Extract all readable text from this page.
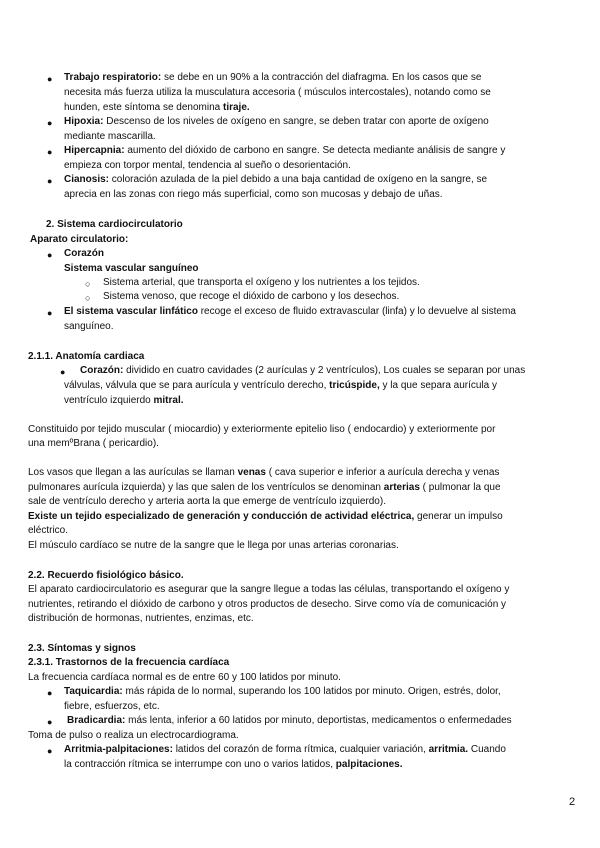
● Trabajo respiratorio: se debe en un 90% a la contracción del diafragma. En los casos que se
necesita más fuerza utiliza la musculatura accesoria ( músculos intercostales), notando como se
hunden, este síntoma se denomina tiraje.
● Hipoxia: Descenso de los niveles de oxígeno en sangre, se deben tratar con aporte de oxígeno
mediante mascarilla.
● Hipercapnia: aumento del dióxido de carbono en sangre. Se detecta mediante análisis de sangre y
empieza con torpor mental, tendencia al sueño o desorientación.
● Cianosis: coloración azulada de la piel debido a una baja cantidad de oxígeno en la sangre, se
aprecia en las zonas con riego más superficial, como son mucosas y debajo de uñas.
2. Sistema cardiocirculatorio
Aparato circulatorio:
● Corazón
Sistema vascular sanguíneo
○ Sistema arterial, que transporta el oxígeno y los nutrientes a los tejidos.
○ Sistema venoso, que recoge el dióxido de carbono y los desechos.
● El sistema vascular linfático recoge el exceso de fluido extravascular (linfa) y lo devuelve al sistema
sanguíneo.
2.1.1. Anatomía cardiaca
● Corazón: dividido en cuatro cavidades (2 aurículas y 2 ventrículos), Los cuales se separan por unas
válvulas, válvula que se para aurícula y ventrículo derecho, tricúspide, y la que separa aurícula y
ventrículo izquierdo mitral.
Constituido por tejido muscular ( miocardio) y exteriormente epitelio liso ( endocardio) y exteriormente por
una memºBrana ( pericardio).
Los vasos que llegan a las aurículas se llaman venas ( cava superior e inferior a aurícula derecha y venas
pulmonares aurícula izquierda) y las que salen de los ventrículos se denominan arterias ( pulmonar la que
sale de ventrículo derecho y arteria aorta la que emerge de ventrículo izquierdo).
Existe un tejido especializado de generación y conducción de actividad eléctrica, generar un impulso
eléctrico.
El músculo cardíaco se nutre de la sangre que le llega por unas arterias coronarias.
2.2. Recuerdo fisiológico básico.
El aparato cardiocirculatorio es asegurar que la sangre llegue a todas las células, transportando el oxígeno y
nutrientes, retirando el dióxido de carbono y otros productos de desecho. Sirve como vía de comunicación y
distribución de hormonas, nutrientes, enzimas, etc.
2.3. Síntomas y signos
2.3.1. Trastornos de la frecuencia cardíaca
La frecuencia cardíaca normal es de entre 60 y 100 latidos por minuto.
● Taquicardia: más rápida de lo normal, superando los 100 latidos por minuto. Origen, estrés, dolor,
fiebre, esfuerzos, etc.
● Bradicardia: más lenta, inferior a 60 latidos por minuto, deportistas, medicamentos o enfermedades
Toma de pulso o realiza un electrocardiograma.
● Arritmia-palpitaciones: latidos del corazón de forma rítmica, cualquier variación, arritmia. Cuando
la contracción rítmica se interrumpe con uno o varios latidos, palpitaciones.
2
